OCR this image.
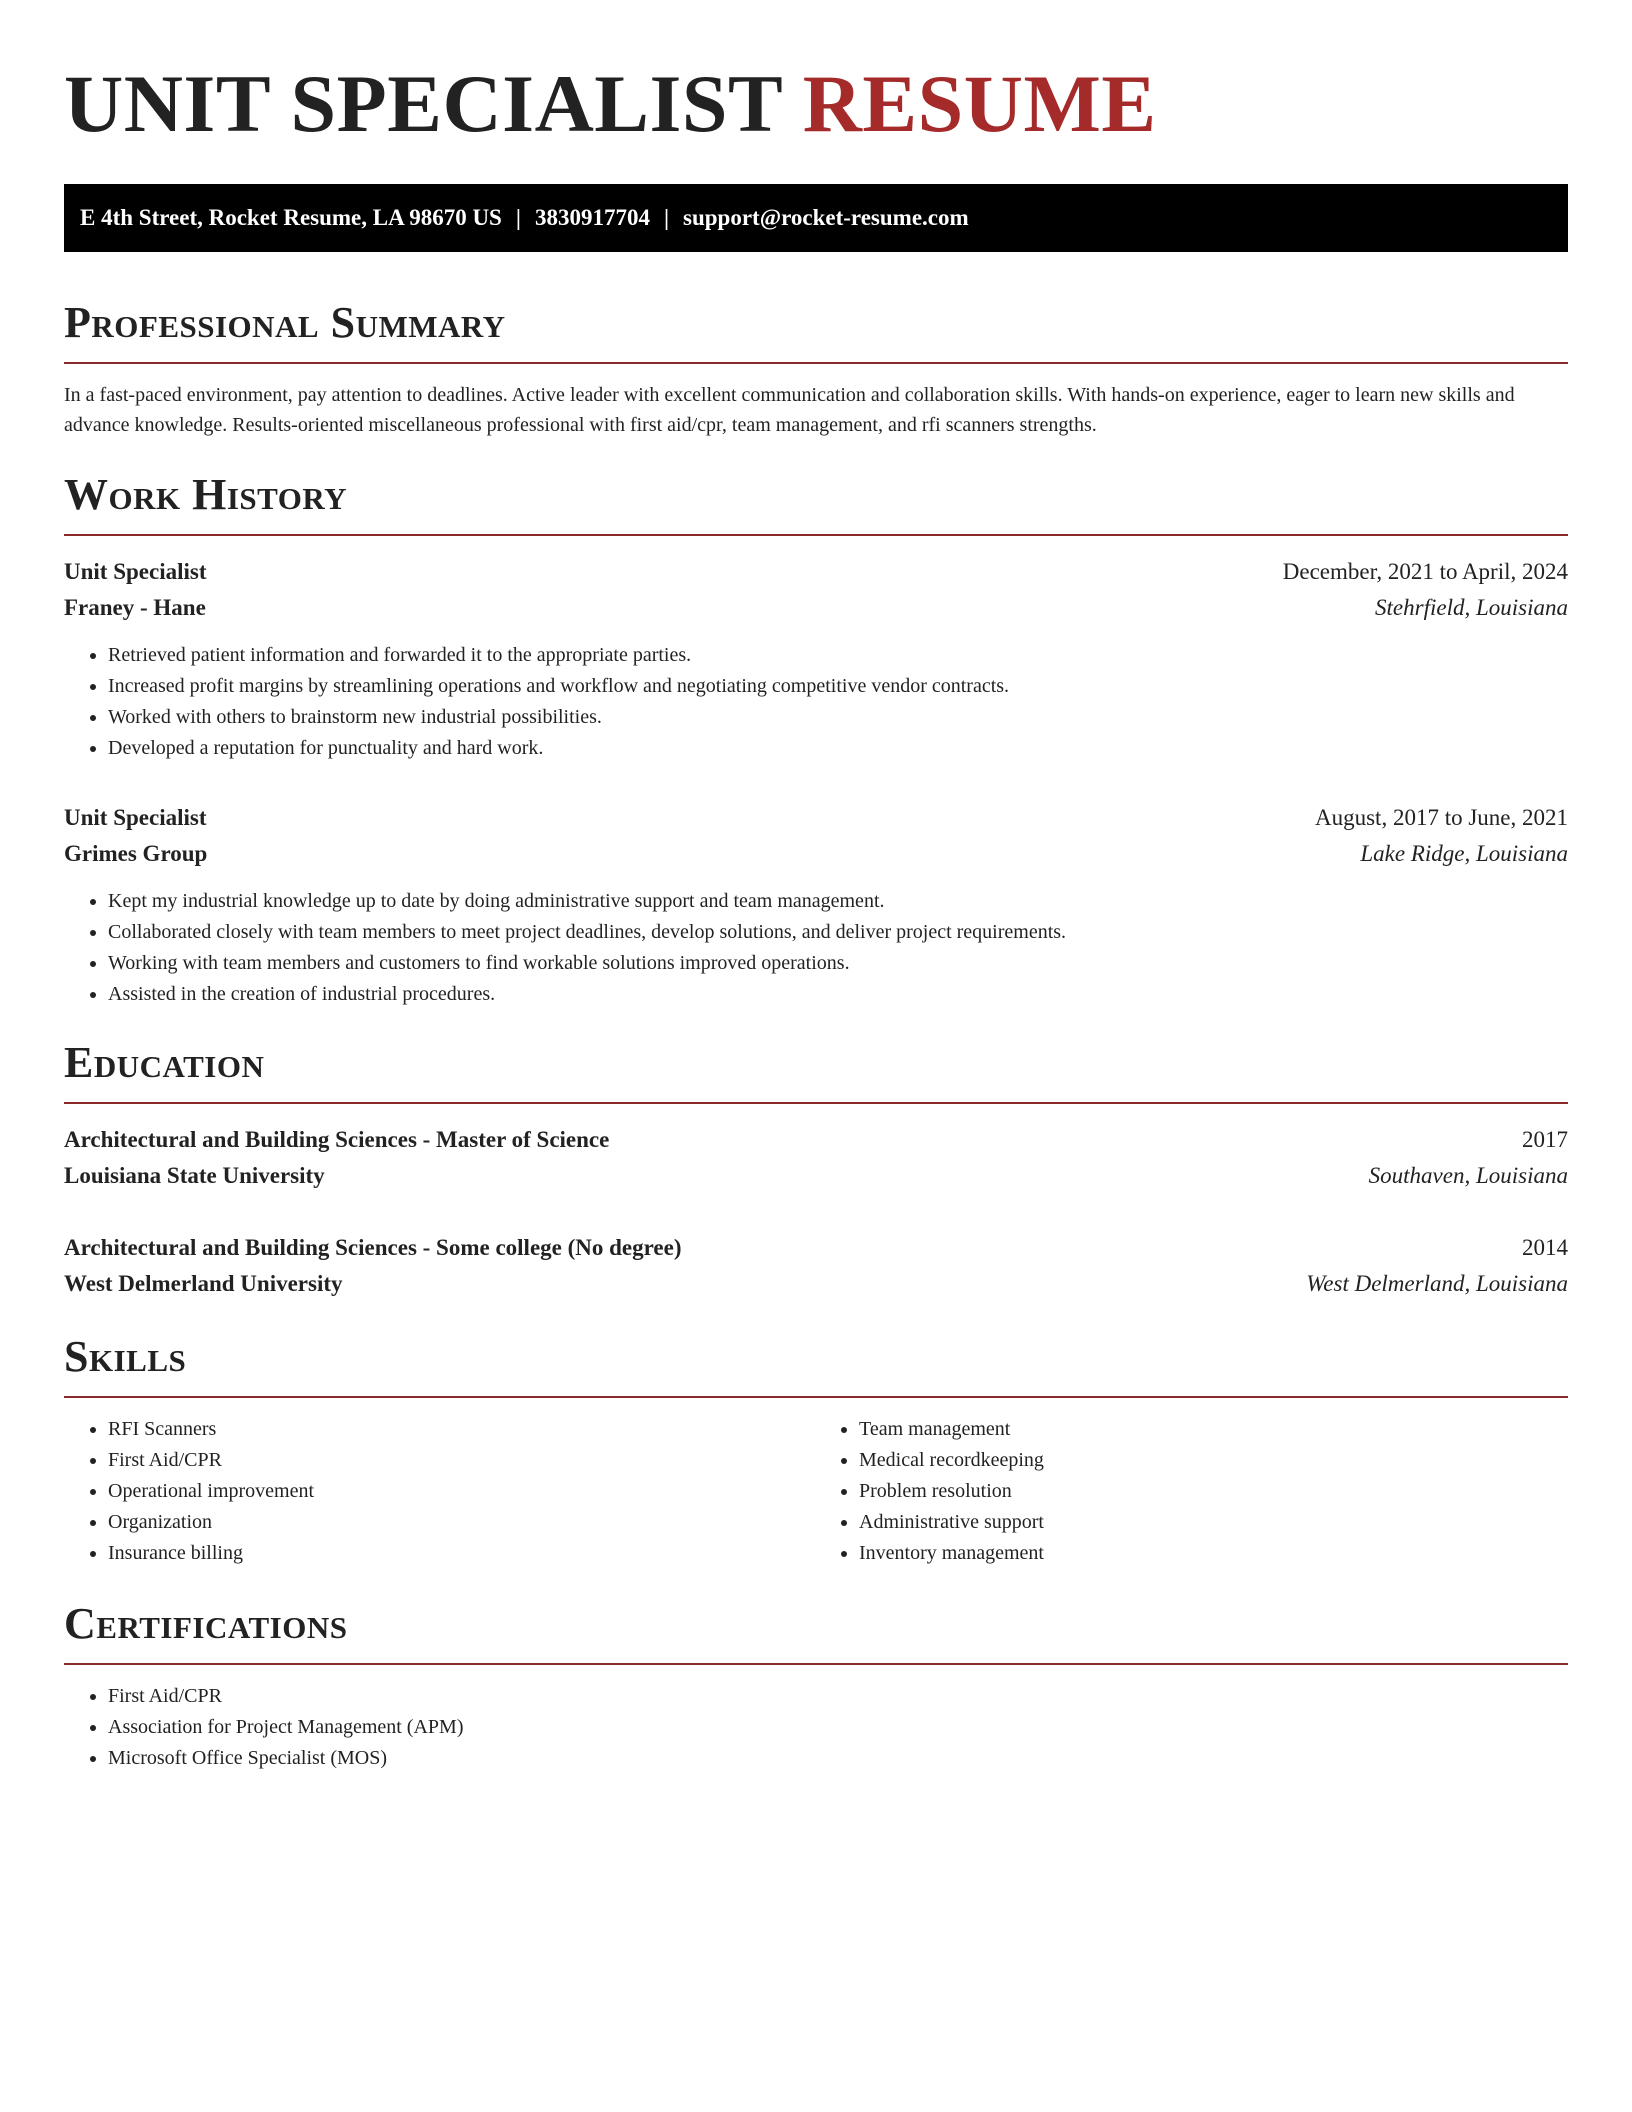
UNIT SPECIALIST RESUME
E 4th Street, Rocket Resume, LA 98670 US | 3830917704 | support@rocket-resume.com
Professional Summary

In a fast-paced environment, pay attention to deadlines. Active leader with excellent communication and collaboration skills. With hands-on experience, eager to learn new skills and advance knowledge. Results-oriented miscellaneous professional with first aid/cpr, team management, and rfi scanners strengths.

Work History
Unit Specialist	December, 2021 to April, 2024
Franey - Hane	Stehrfield, Louisiana
• Retrieved patient information and forwarded it to the appropriate parties.
• Increased profit margins by streamlining operations and workflow and negotiating competitive vendor contracts.
• Worked with others to brainstorm new industrial possibilities.
• Developed a reputation for punctuality and hard work.
Unit Specialist	August, 2017 to June, 2021
Grimes Group	Lake Ridge, Louisiana
• Kept my industrial knowledge up to date by doing administrative support and team management.
• Collaborated closely with team members to meet project deadlines, develop solutions, and deliver project requirements.
• Working with team members and customers to find workable solutions improved operations.
• Assisted in the creation of industrial procedures.
Education
Architectural and Building Sciences - Master of Science	2017
Louisiana State University	Southaven, Louisiana
Architectural and Building Sciences - Some college (No degree)	2014
West Delmerland University	West Delmerland, Louisiana
Skills
• RFI Scanners
• First Aid/CPR
• Operational improvement
• Organization
• Insurance billing
• Team management
• Medical recordkeeping
• Problem resolution
• Administrative support
• Inventory management
Certifications
• First Aid/CPR
• Association for Project Management (APM)
• Microsoft Office Specialist (MOS)
